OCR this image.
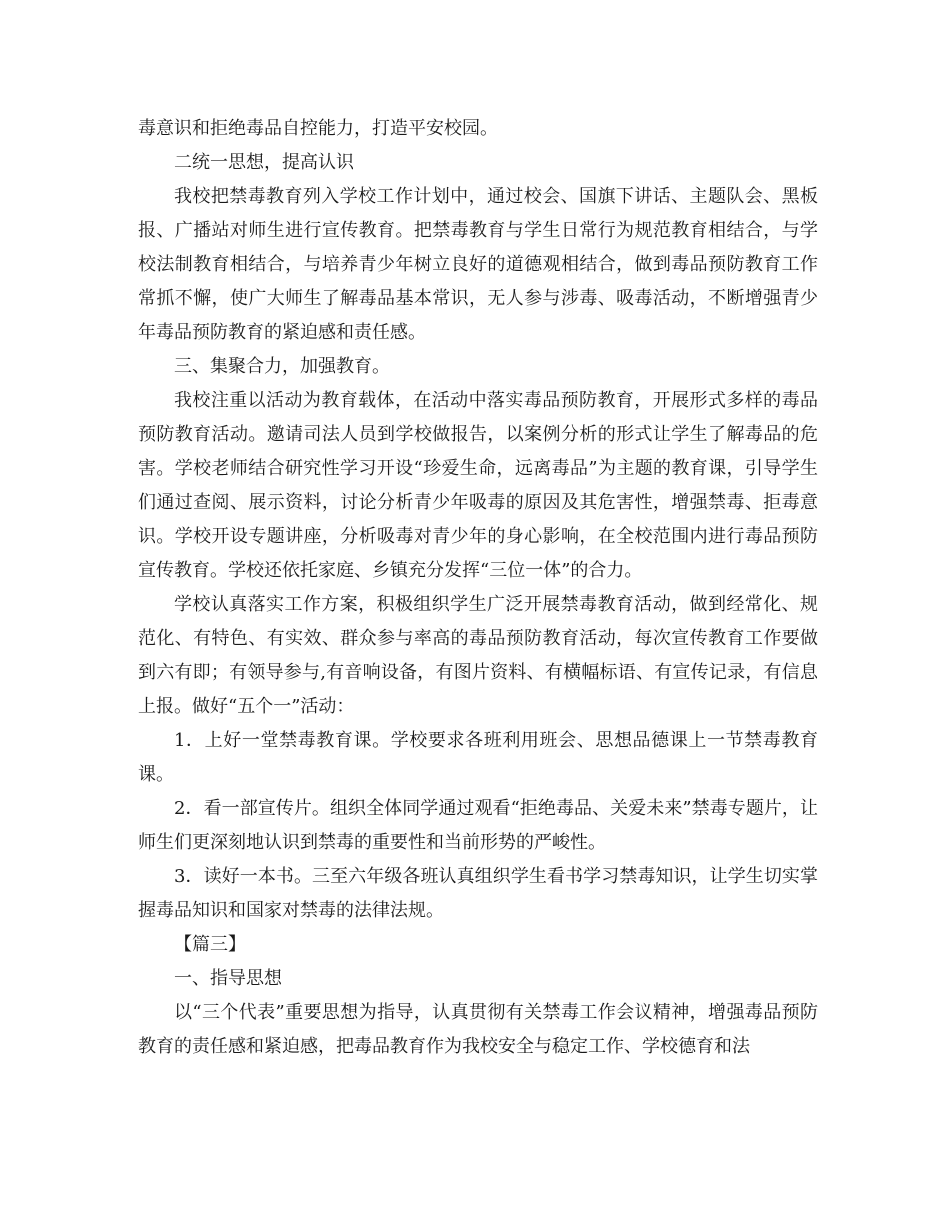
毒意识和拒绝毒品自控能力，打造平安校园。

二统一思想，提高认识

我校把禁毒教育列入学校工作计划中，通过校会、国旗下讲话、主题队会、黑板报、广播站对师生进行宣传教育。把禁毒教育与学生日常行为规范教育相结合，与学校法制教育相结合，与培养青少年树立良好的道德观相结合，做到毒品预防教育工作常抓不懈，使广大师生了解毒品基本常识，无人参与涉毒、吸毒活动，不断增强青少年毒品预防教育的紧迫感和责任感。

三、集聚合力，加强教育。

我校注重以活动为教育载体，在活动中落实毒品预防教育，开展形式多样的毒品预防教育活动。邀请司法人员到学校做报告，以案例分析的形式让学生了解毒品的危害。学校老师结合研究性学习开设“珍爱生命，远离毒品”为主题的教育课，引导学生们通过查阅、展示资料，讨论分析青少年吸毒的原因及其危害性，增强禁毒、拒毒意识。学校开设专题讲座，分析吸毒对青少年的身心影响，在全校范围内进行毒品预防宣传教育。学校还依托家庭、乡镇充分发挥“三位一体”的合力。

学校认真落实工作方案，积极组织学生广泛开展禁毒教育活动，做到经常化、规范化、有特色、有实效、群众参与率高的毒品预防教育活动，每次宣传教育工作要做到六有即；有领导参与,有音响设备，有图片资料、有横幅标语、有宣传记录，有信息上报。做好“五个一”活动：

1．上好一堂禁毒教育课。学校要求各班利用班会、思想品德课上一节禁毒教育课。

2．看一部宣传片。组织全体同学通过观看“拒绝毒品、关爱未来”禁毒专题片，让师生们更深刻地认识到禁毒的重要性和当前形势的严峻性。

3．读好一本书。三至六年级各班认真组织学生看书学习禁毒知识，让学生切实掌握毒品知识和国家对禁毒的法律法规。

【篇三】

一、指导思想

以“三个代表”重要思想为指导，认真贯彻有关禁毒工作会议精神，增强毒品预防教育的责任感和紧迫感，把毒品教育作为我校安全与稳定工作、学校德育和法
